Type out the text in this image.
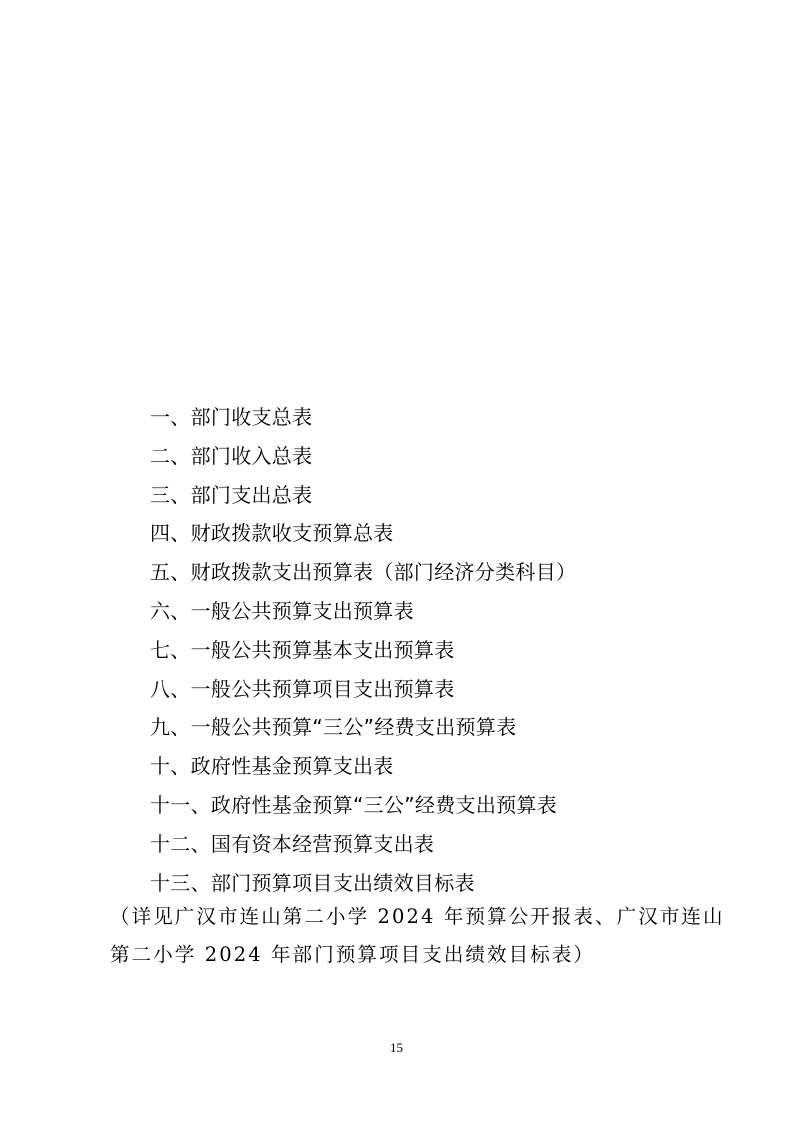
一、部门收支总表
二、部门收入总表
三、部门支出总表
四、财政拨款收支预算总表
五、财政拨款支出预算表（部门经济分类科目）
六、一般公共预算支出预算表
七、一般公共预算基本支出预算表
八、一般公共预算项目支出预算表
九、一般公共预算“三公”经费支出预算表
十、政府性基金预算支出表
十一、政府性基金预算“三公”经费支出预算表
十二、国有资本经营预算支出表
十三、部门预算项目支出绩效目标表

（详见广汉市连山第二小学 2024 年预算公开报表、广汉市连山
第二小学 2024 年部门预算项目支出绩效目标表）

15
